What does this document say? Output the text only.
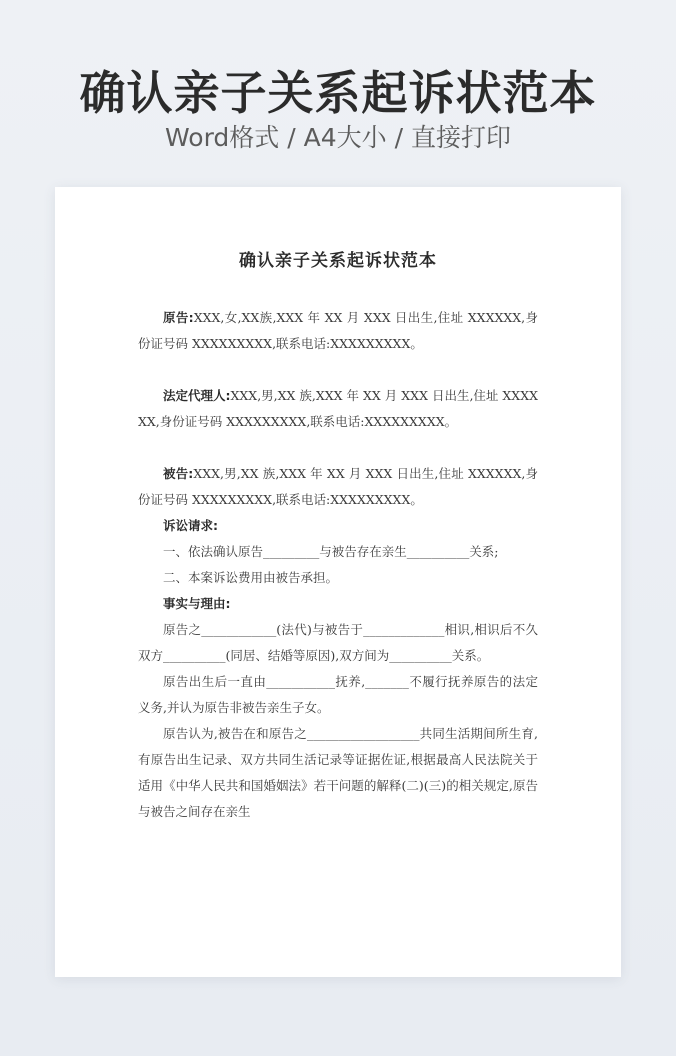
确认亲子关系起诉状范本
Word格式 / A4大小 / 直接打印
确认亲子关系起诉状范本

原告:XXX,女,XX族,XXX 年 XX 月 XXX 日出生,住址 XXXXXX,身份证号码 XXXXXXXXX,联系电话:XXXXXXXXX。

法定代理人:XXX,男,XX 族,XXX 年 XX 月 XXX 日出生,住址 XXXXXX,身份证号码 XXXXXXXXX,联系电话:XXXXXXXXX。

被告:XXX,男,XX 族,XXX 年 XX 月 XXX 日出生,住址 XXXXXX,身份证号码 XXXXXXXXX,联系电话:XXXXXXXXX。

诉讼请求:

一、依法确认原告_________与被告存在亲生__________关系;

二、本案诉讼费用由被告承担。

事实与理由:

原告之____________(法代)与被告于_____________相识,相识后不久双方__________(同居、结婚等原因),双方间为__________关系。

原告出生后一直由___________抚养,_______不履行抚养原告的法定义务,并认为原告非被告亲生子女。

原告认为,被告在和原告之__________________共同生活期间所生育,有原告出生记录、双方共同生活记录等证据佐证,根据最高人民法院关于适用《中华人民共和国婚姻法》若干问题的解释(二)(三)的相关规定,原告与被告之间存在亲生
